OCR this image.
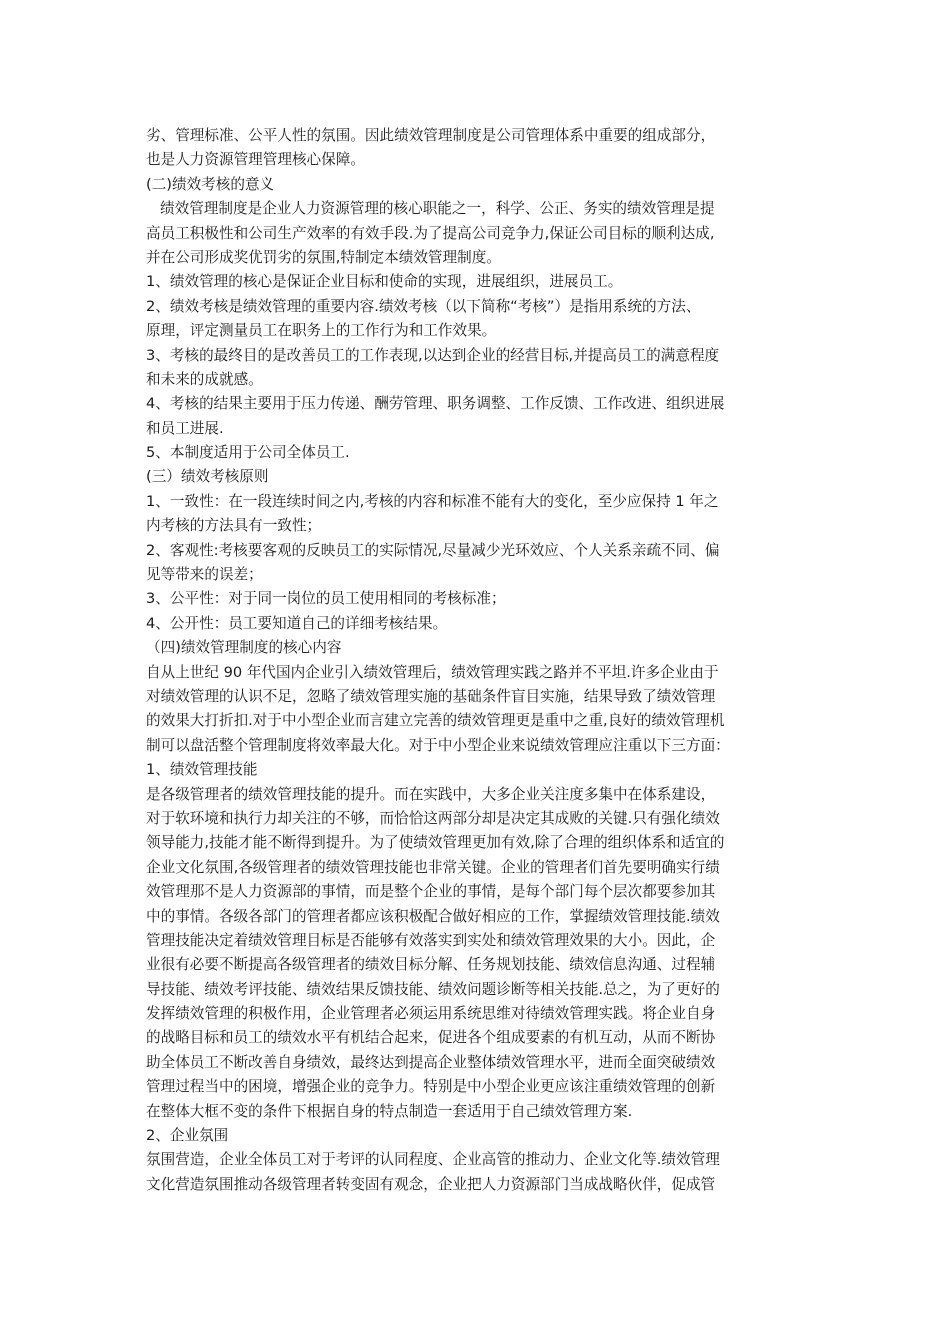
劣、管理标准、公平人性的氛围。因此绩效管理制度是公司管理体系中重要的组成部分，

也是人力资源管理管理核心保障。

(二)绩效考核的意义

绩效管理制度是企业人力资源管理的核心职能之一，科学、公正、务实的绩效管理是提

高员工积极性和公司生产效率的有效手段.为了提高公司竞争力,保证公司目标的顺利达成,

并在公司形成奖优罚劣的氛围,特制定本绩效管理制度。

1、绩效管理的核心是保证企业目标和使命的实现，进展组织，进展员工。

2、绩效考核是绩效管理的重要内容.绩效考核（以下简称“考核”）是指用系统的方法、

原理，评定测量员工在职务上的工作行为和工作效果。

3、考核的最终目的是改善员工的工作表现,以达到企业的经营目标,并提高员工的满意程度

和未来的成就感。

4、考核的结果主要用于压力传递、酬劳管理、职务调整、工作反馈、工作改进、组织进展

和员工进展.

5、本制度适用于公司全体员工.

(三）绩效考核原则

1、一致性：在一段连续时间之内,考核的内容和标准不能有大的变化，至少应保持 1 年之

内考核的方法具有一致性；

2、客观性:考核要客观的反映员工的实际情况,尽量减少光环效应、个人关系亲疏不同、偏

见等带来的误差；

3、公平性：对于同一岗位的员工使用相同的考核标准；

4、公开性：员工要知道自己的详细考核结果。

（四)绩效管理制度的核心内容

自从上世纪 90 年代国内企业引入绩效管理后，绩效管理实践之路并不平坦.许多企业由于

对绩效管理的认识不足，忽略了绩效管理实施的基础条件盲目实施，结果导致了绩效管理

的效果大打折扣.对于中小型企业而言建立完善的绩效管理更是重中之重,良好的绩效管理机

制可以盘活整个管理制度将效率最大化。对于中小型企业来说绩效管理应注重以下三方面：

1、绩效管理技能

是各级管理者的绩效管理技能的提升。而在实践中，大多企业关注度多集中在体系建设，

对于软环境和执行力却关注的不够，而恰恰这两部分却是决定其成败的关键.只有强化绩效

领导能力,技能才能不断得到提升。为了使绩效管理更加有效,除了合理的组织体系和适宜的

企业文化氛围,各级管理者的绩效管理技能也非常关键。企业的管理者们首先要明确实行绩

效管理那不是人力资源部的事情，而是整个企业的事情，是每个部门每个层次都要参加其

中的事情。各级各部门的管理者都应该积极配合做好相应的工作，掌握绩效管理技能.绩效

管理技能决定着绩效管理目标是否能够有效落实到实处和绩效管理效果的大小。因此，企

业很有必要不断提高各级管理者的绩效目标分解、任务规划技能、绩效信息沟通、过程辅

导技能、绩效考评技能、绩效结果反馈技能、绩效问题诊断等相关技能.总之，为了更好的

发挥绩效管理的积极作用，企业管理者必须运用系统思维对待绩效管理实践。将企业自身

的战略目标和员工的绩效水平有机结合起来，促进各个组成要素的有机互动，从而不断协

助全体员工不断改善自身绩效，最终达到提高企业整体绩效管理水平，进而全面突破绩效

管理过程当中的困境，增强企业的竞争力。特别是中小型企业更应该注重绩效管理的创新

在整体大框不变的条件下根据自身的特点制造一套适用于自己绩效管理方案.

2、企业氛围

氛围营造，企业全体员工对于考评的认同程度、企业高管的推动力、企业文化等.绩效管理

文化营造氛围推动各级管理者转变固有观念，企业把人力资源部门当成战略伙伴，促成管
